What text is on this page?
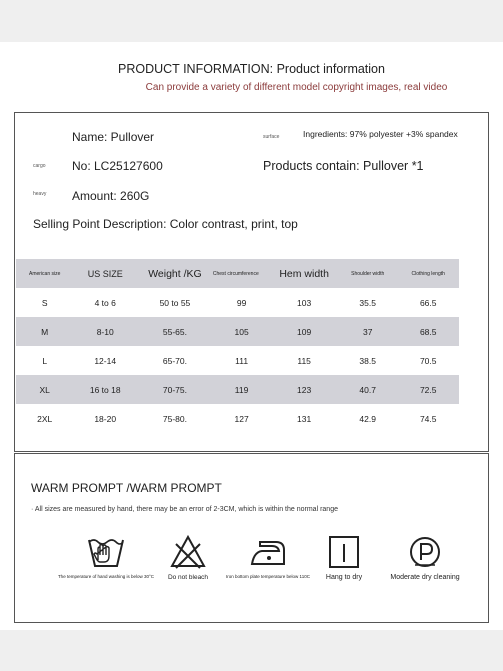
PRODUCT INFORMATION: Product information
Can provide a variety of different model copyright images, real video
Name: Pullover	surface	Ingredients: 97% polyester +3% spandex
cargo No: LC25127600	Products contain: Pullover *1
heavy Amount: 260G
Selling Point Description: Color contrast, print, top
American size	US SIZE	Weight /KG	Chest circumference	Hem width	Shoulder width	Clothing length
S	4 to 6	50 to 55	99	103	35.5	66.5
M	8-10	55-65.	105	109	37	68.5
L	12-14	65-70.	111	115	38.5	70.5
XL	16 to 18	70-75.	119	123	40.7	72.5
2XL	18-20	75-80.	127	131	42.9	74.5
WARM PROMPT /WARM PROMPT
· All sizes are measured by hand, there may be an error of 2-3CM, which is within the normal range
The temperature of hand washing is below 30°C	Do not bleach	Iron bottom plate temperature below 110C	Hang to dry	Moderate dry cleaning
